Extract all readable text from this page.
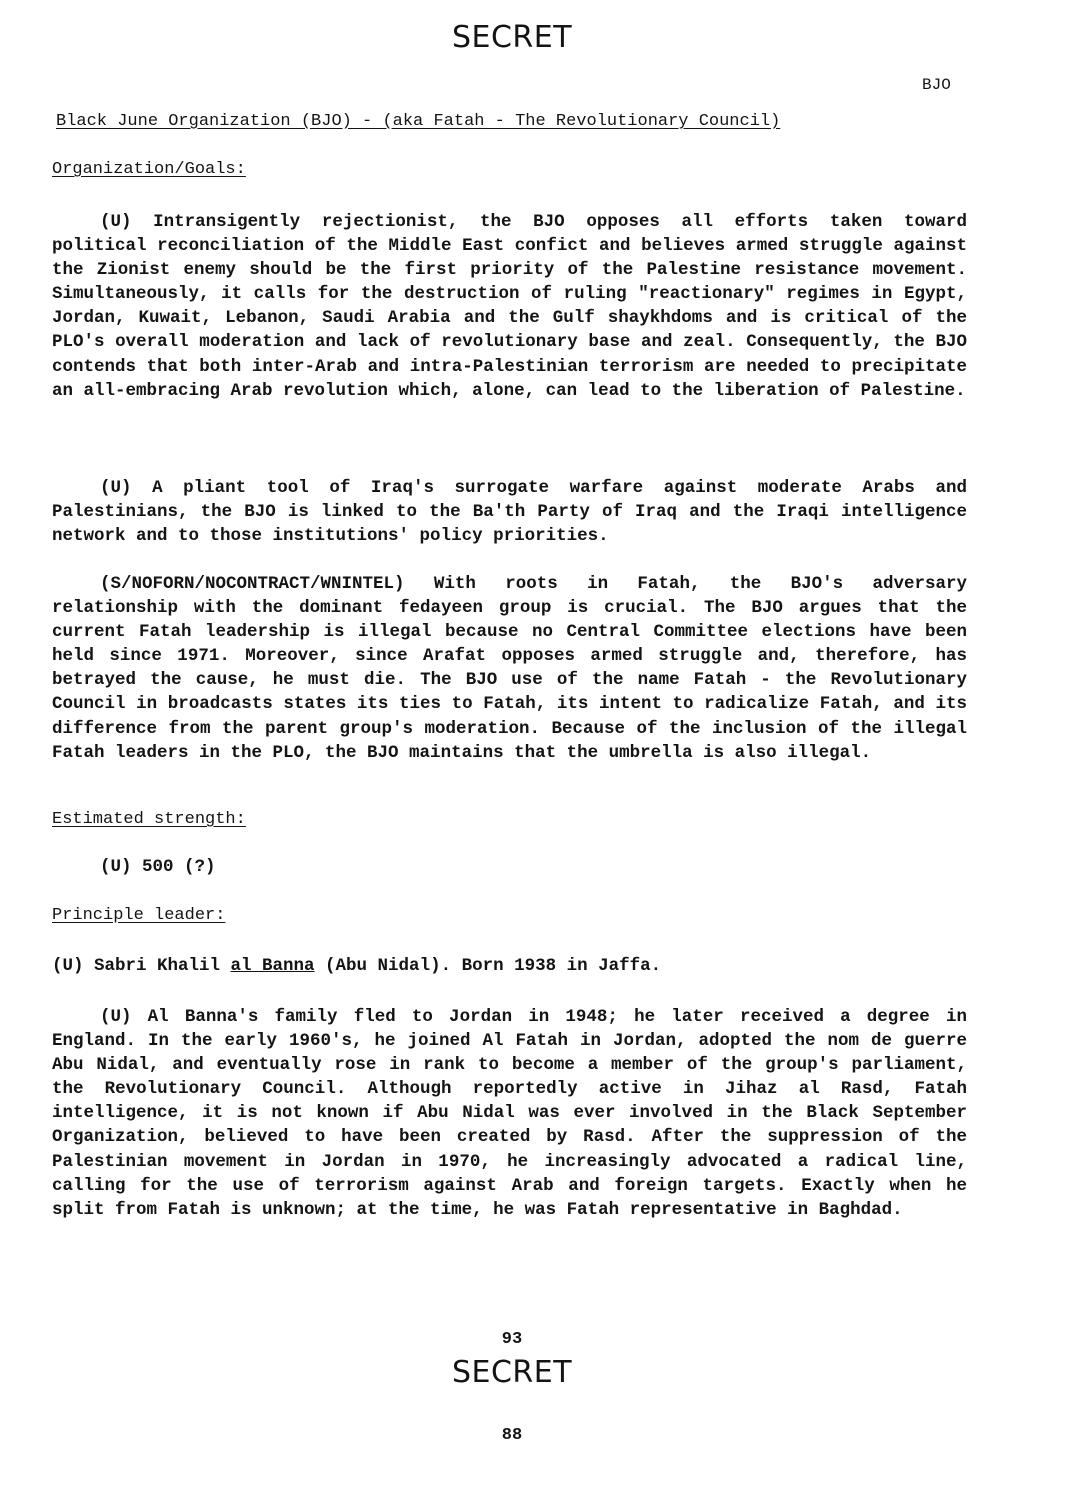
SECRET
BJO
Black June Organization (BJO) - (aka Fatah - The Revolutionary Council)
Organization/Goals:
(U) Intransigently rejectionist, the BJO opposes all efforts taken toward political reconciliation of the Middle East confict and believes armed struggle against the Zionist enemy should be the first priority of the Palestine resistance movement. Simultaneously, it calls for the destruction of ruling "reactionary" regimes in Egypt, Jordan, Kuwait, Lebanon, Saudi Arabia and the Gulf shaykhdoms and is critical of the PLO's overall moderation and lack of revolutionary base and zeal. Consequently, the BJO contends that both inter-Arab and intra-Palestinian terrorism are needed to precipitate an all-embracing Arab revolution which, alone, can lead to the liberation of Palestine.
(U) A pliant tool of Iraq's surrogate warfare against moderate Arabs and Palestinians, the BJO is linked to the Ba'th Party of Iraq and the Iraqi intelligence network and to those institutions' policy priorities.
(S/NOFORN/NOCONTRACT/WNINTEL) With roots in Fatah, the BJO's adversary relationship with the dominant fedayeen group is crucial. The BJO argues that the current Fatah leadership is illegal because no Central Committee elections have been held since 1971. Moreover, since Arafat opposes armed struggle and, therefore, has betrayed the cause, he must die. The BJO use of the name Fatah - the Revolutionary Council in broadcasts states its ties to Fatah, its intent to radicalize Fatah, and its difference from the parent group's moderation. Because of the inclusion of the illegal Fatah leaders in the PLO, the BJO maintains that the umbrella is also illegal.
Estimated strength:
(U) 500 (?)
Principle leader:
(U) Sabri Khalil al Banna (Abu Nidal). Born 1938 in Jaffa.
(U) Al Banna's family fled to Jordan in 1948; he later received a degree in England. In the early 1960's, he joined Al Fatah in Jordan, adopted the nom de guerre Abu Nidal, and eventually rose in rank to become a member of the group's parliament, the Revolutionary Council. Although reportedly active in Jihaz al Rasd, Fatah intelligence, it is not known if Abu Nidal was ever involved in the Black September Organization, believed to have been created by Rasd. After the suppression of the Palestinian movement in Jordan in 1970, he increasingly advocated a radical line, calling for the use of terrorism against Arab and foreign targets. Exactly when he split from Fatah is unknown; at the time, he was Fatah representative in Baghdad.
93
SECRET
88
